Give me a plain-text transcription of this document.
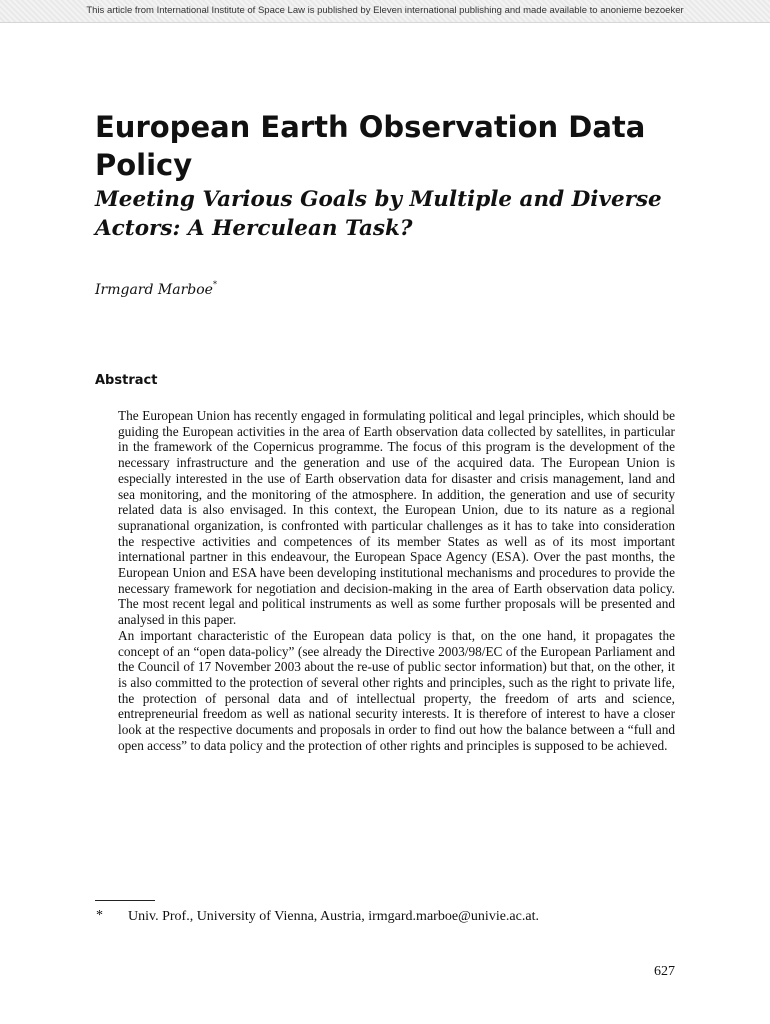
This article from International Institute of Space Law is published by Eleven international publishing and made available to anonieme bezoeker
European Earth Observation Data Policy
Meeting Various Goals by Multiple and Diverse Actors: A Herculean Task?
Irmgard Marboe*
Abstract

The European Union has recently engaged in formulating political and legal principles, which should be guiding the European activities in the area of Earth observation data collected by satellites, in particular in the framework of the Copernicus programme. The focus of this program is the development of the necessary infrastructure and the generation and use of the acquired data. The European Union is especially interested in the use of Earth observation data for disaster and crisis management, land and sea monitoring, and the monitoring of the atmosphere. In addition, the generation and use of security related data is also envisaged. In this context, the European Union, due to its nature as a regional supranational organization, is confronted with particular challenges as it has to take into consideration the respective activities and competences of its member States as well as of its most important international partner in this endeavour, the European Space Agency (ESA). Over the past months, the European Union and ESA have been developing institutional mechanisms and procedures to provide the necessary framework for negotiation and decision-making in the area of Earth observation data policy. The most recent legal and political instruments as well as some further proposals will be presented and analysed in this paper.

An important characteristic of the European data policy is that, on the one hand, it propagates the concept of an “open data-policy” (see already the Directive 2003/98/EC of the European Parliament and the Council of 17 November 2003 about the re-use of public sector information) but that, on the other, it is also committed to the protection of several other rights and principles, such as the right to private life, the protection of personal data and of intellectual property, the freedom of arts and science, entrepreneurial freedom as well as national security interests. It is therefore of interest to have a closer look at the respective documents and proposals in order to find out how the balance between a “full and open access” to data policy and the protection of other rights and principles is supposed to be achieved.

* Univ. Prof., University of Vienna, Austria, irmgard.marboe@univie.ac.at.
627
